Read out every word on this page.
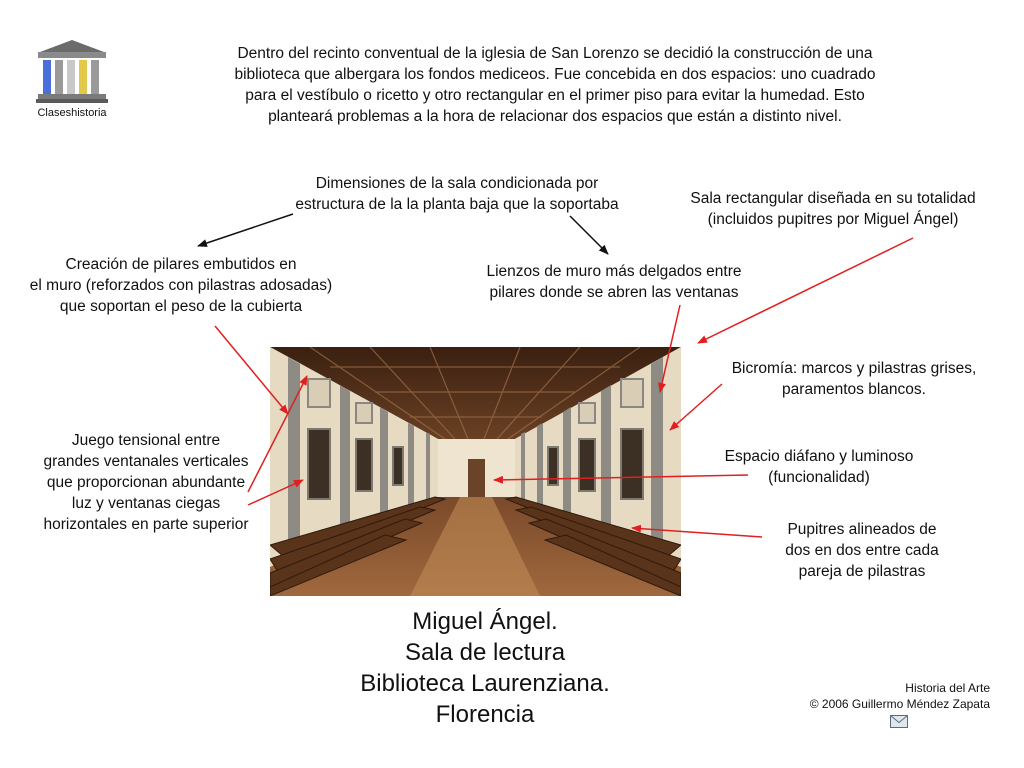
Claseshistoria
Dentro del recinto conventual de la iglesia de San Lorenzo se decidió la construcción de una
biblioteca que albergara los fondos mediceos. Fue concebida en dos espacios: uno cuadrado
para el vestíbulo o ricetto y otro rectangular en el primer piso para evitar la humedad. Esto
planteará problemas a la hora de relacionar dos espacios que están a distinto nivel.
Dimensiones de la sala condicionada por
estructura de la la planta baja que la soportaba	Sala rectangular diseñada en su totalidad
(incluidos pupitres por Miguel Ángel)
Creación de pilares embutidos en
el muro (reforzados con pilastras adosadas)
que soportan el peso de la cubierta
Lienzos de muro más delgados entre
pilares donde se abren las ventanas
Bicromía: marcos y pilastras grises,
paramentos blancos.
Juego tensional entre
grandes ventanales verticales
que proporcionan abundante
luz y ventanas ciegas
horizontales en parte superior
Espacio diáfano y luminoso
(funcionalidad)
Pupitres alineados de
dos en dos entre cada
pareja de pilastras
Miguel Ángel.
Sala de lectura
Biblioteca Laurenziana.
Florencia
Historia del Arte
© 2006 Guillermo Méndez Zapata
